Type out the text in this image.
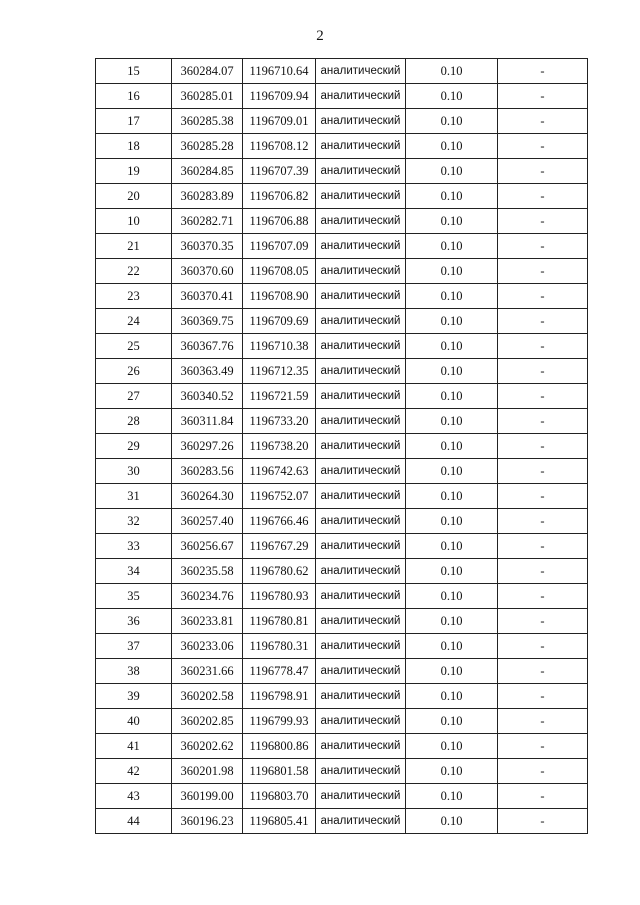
2
15	360284.07	1196710.64	аналитический	0.10	-
16	360285.01	1196709.94	аналитический	0.10	-
17	360285.38	1196709.01	аналитический	0.10	-
18	360285.28	1196708.12	аналитический	0.10	-
19	360284.85	1196707.39	аналитический	0.10	-
20	360283.89	1196706.82	аналитический	0.10	-
10	360282.71	1196706.88	аналитический	0.10	-
21	360370.35	1196707.09	аналитический	0.10	-
22	360370.60	1196708.05	аналитический	0.10	-
23	360370.41	1196708.90	аналитический	0.10	-
24	360369.75	1196709.69	аналитический	0.10	-
25	360367.76	1196710.38	аналитический	0.10	-
26	360363.49	1196712.35	аналитический	0.10	-
27	360340.52	1196721.59	аналитический	0.10	-
28	360311.84	1196733.20	аналитический	0.10	-
29	360297.26	1196738.20	аналитический	0.10	-
30	360283.56	1196742.63	аналитический	0.10	-
31	360264.30	1196752.07	аналитический	0.10	-
32	360257.40	1196766.46	аналитический	0.10	-
33	360256.67	1196767.29	аналитический	0.10	-
34	360235.58	1196780.62	аналитический	0.10	-
35	360234.76	1196780.93	аналитический	0.10	-
36	360233.81	1196780.81	аналитический	0.10	-
37	360233.06	1196780.31	аналитический	0.10	-
38	360231.66	1196778.47	аналитический	0.10	-
39	360202.58	1196798.91	аналитический	0.10	-
40	360202.85	1196799.93	аналитический	0.10	-
41	360202.62	1196800.86	аналитический	0.10	-
42	360201.98	1196801.58	аналитический	0.10	-
43	360199.00	1196803.70	аналитический	0.10	-
44	360196.23	1196805.41	аналитический	0.10	-
